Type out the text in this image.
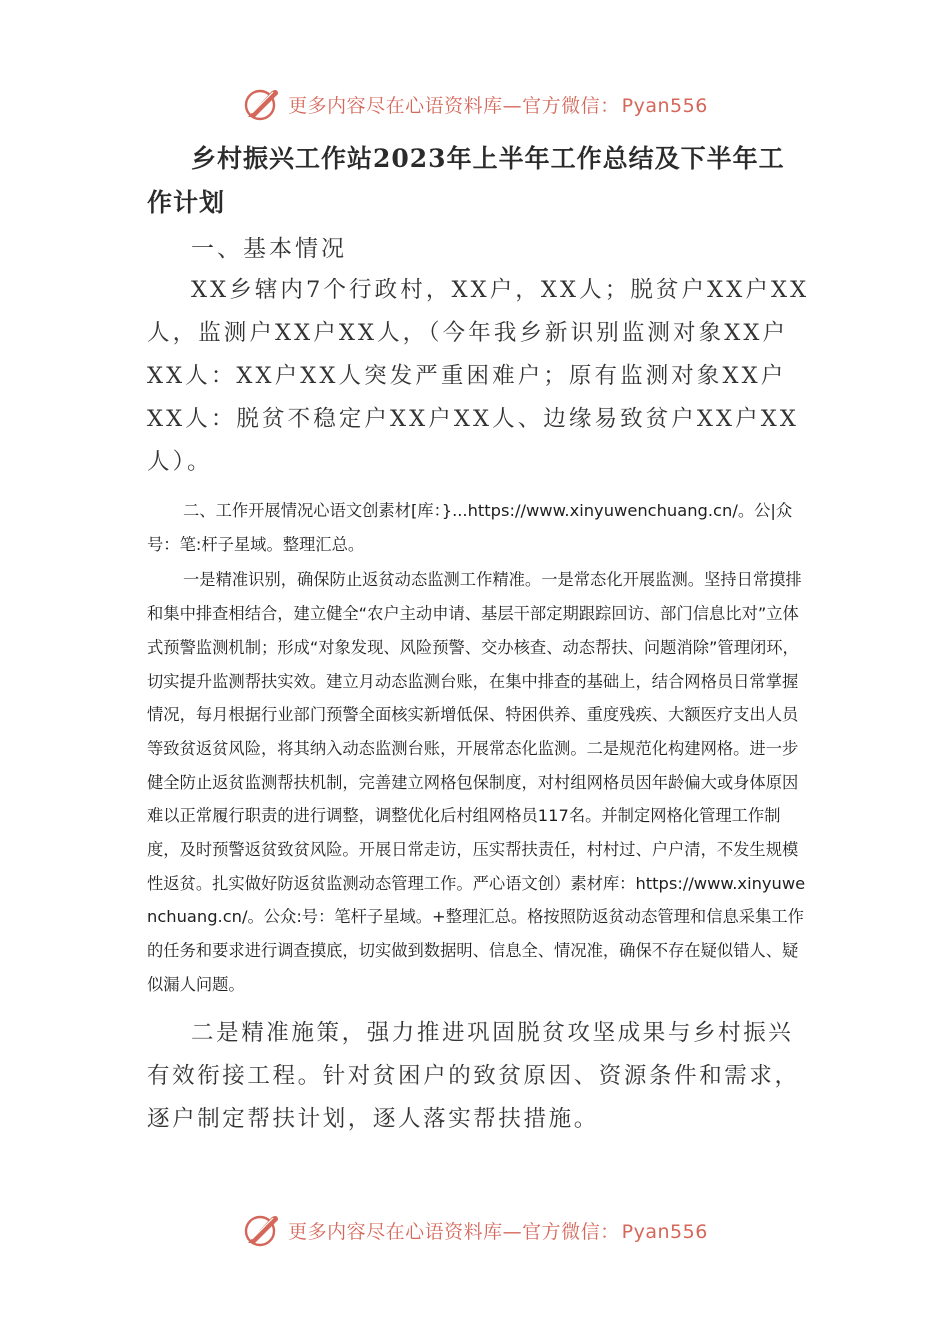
更多内容尽在心语资料库—官方微信： Pyan556
乡村振兴工作站2023年上半年工作总结及下半年工作计划
一、基本情况

XX乡辖内7个行政村，XX户，XX人；脱贫户XX户XX人，监测户XX户XX人，（今年我乡新识别监测对象XX户XX人：XX户XX人突发严重困难户；原有监测对象XX户XX人：脱贫不稳定户XX户XX人、边缘易致贫户XX户XX人）。

二、工作开展情况心语文创素材[库：}...https://www.xinyuwenchuang.cn/。公|众号：笔:杆子星域。整理汇总。

一是精准识别，确保防止返贫动态监测工作精准。一是常态化开展监测。坚持日常摸排和集中排查相结合，建立健全“农户主动申请、基层干部定期跟踪回访、部门信息比对”立体式预警监测机制；形成“对象发现、风险预警、交办核查、动态帮扶、问题消除”管理闭环，切实提升监测帮扶实效。建立月动态监测台账，在集中排查的基础上，结合网格员日常掌握情况，每月根据行业部门预警全面核实新增低保、特困供养、重度残疾、大额医疗支出人员等致贫返贫风险，将其纳入动态监测台账，开展常态化监测。二是规范化构建网格。进一步健全防止返贫监测帮扶机制，完善建立网格包保制度，对村组网格员因年龄偏大或身体原因难以正常履行职责的进行调整，调整优化后村组网格员117名。并制定网格化管理工作制度，及时预警返贫致贫风险。开展日常走访，压实帮扶责任，村村过、户户清，不发生规模性返贫。扎实做好防返贫监测动态管理工作。严心语文创）素材库：https://www.xinyuwenchuang.cn/。公众:号：笔杆子星域。+整理汇总。格按照防返贫动态管理和信息采集工作的任务和要求进行调查摸底，切实做到数据明、信息全、情况准，确保不存在疑似错人、疑似漏人问题。

二是精准施策，强力推进巩固脱贫攻坚成果与乡村振兴有效衔接工程。针对贫困户的致贫原因、资源条件和需求，逐户制定帮扶计划，逐人落实帮扶措施。

更多内容尽在心语资料库—官方微信： Pyan556
